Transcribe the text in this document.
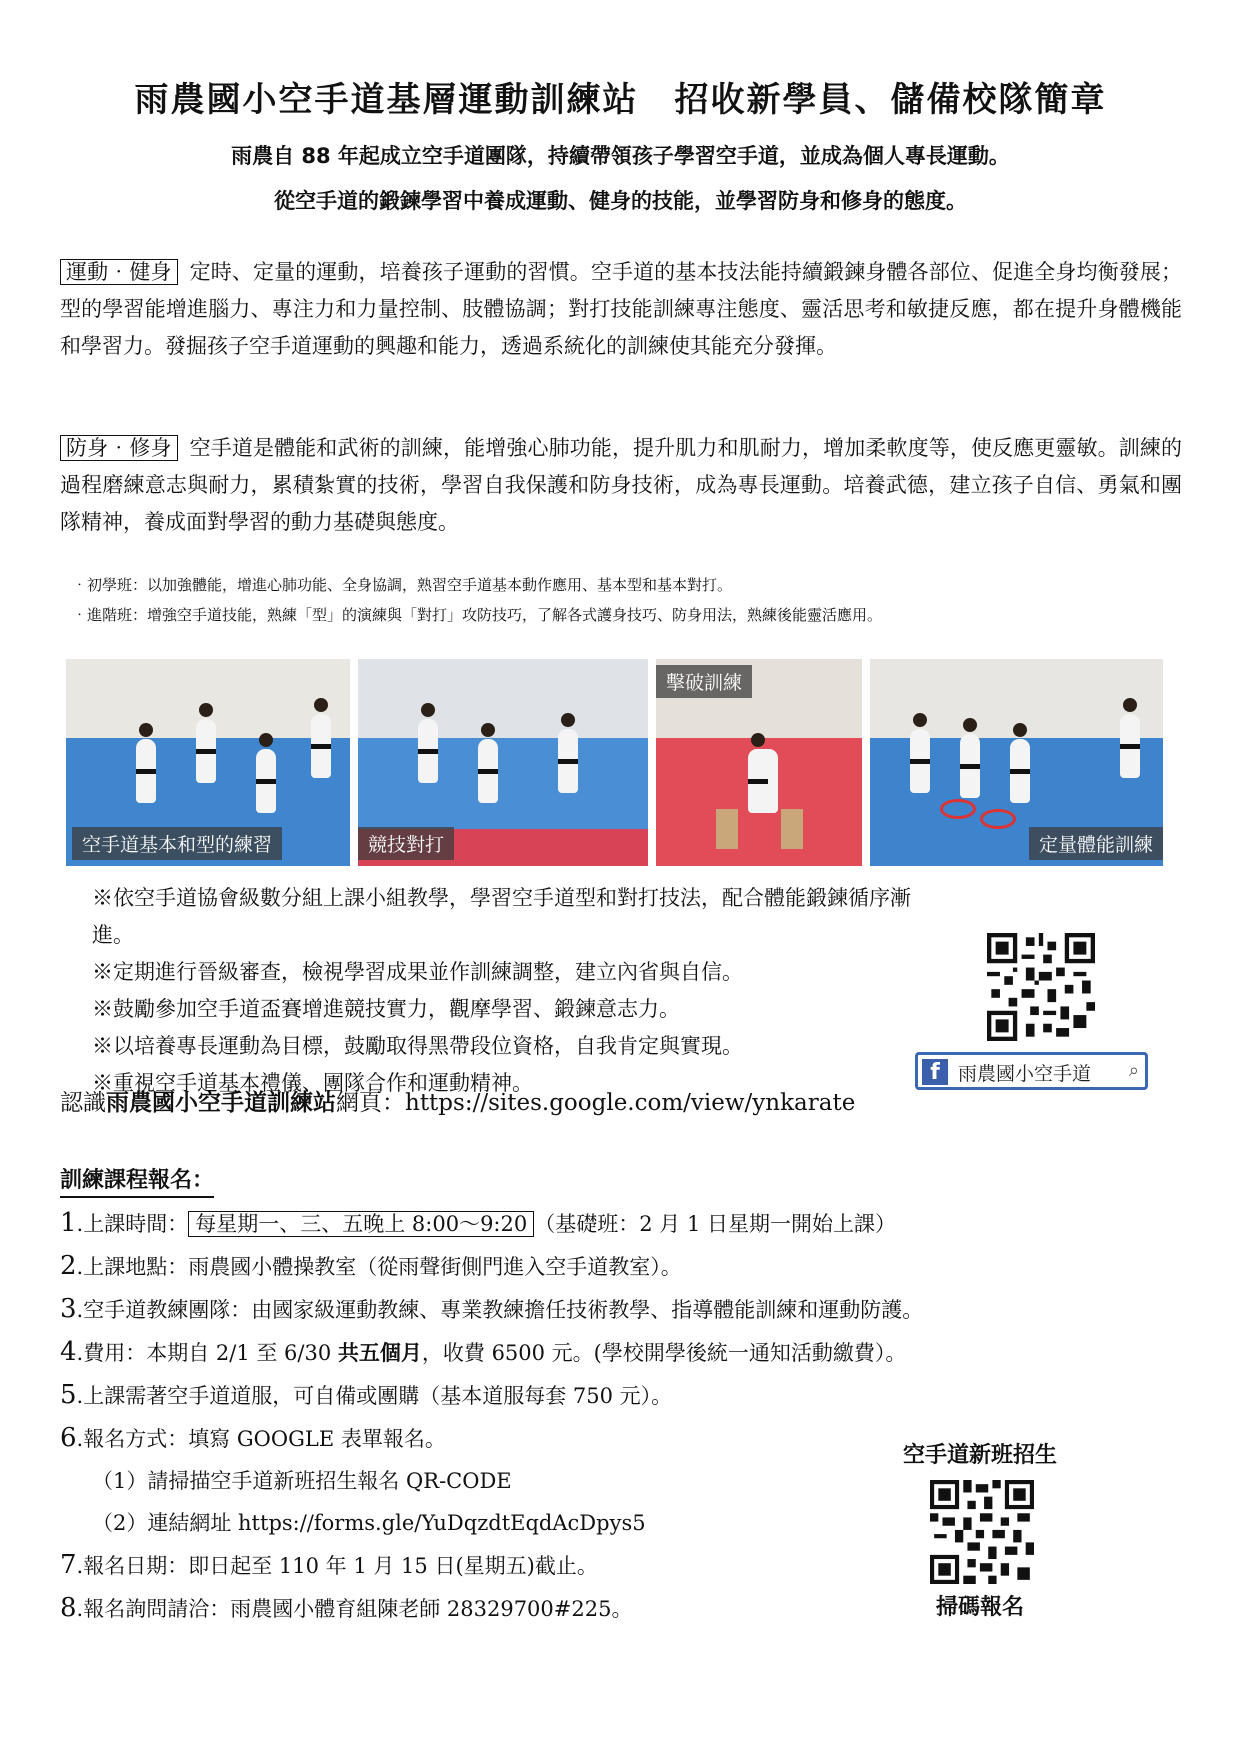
雨農國小空手道基層運動訓練站　招收新學員、儲備校隊簡章
雨農自 88 年起成立空手道團隊，持續帶領孩子學習空手道，並成為個人專長運動。
從空手道的鍛鍊學習中養成運動、健身的技能，並學習防身和修身的態度。
運動‧健身 定時、定量的運動，培養孩子運動的習慣。空手道的基本技法能持續鍛鍊身體各部位、促進全身均衡發展；型的學習能增進腦力、專注力和力量控制、肢體協調；對打技能訓練專注態度、靈活思考和敏捷反應，都在提升身體機能和學習力。發掘孩子空手道運動的興趣和能力，透過系統化的訓練使其能充分發揮。
防身‧修身 空手道是體能和武術的訓練，能增強心肺功能，提升肌力和肌耐力，增加柔軟度等，使反應更靈敏。訓練的過程磨練意志與耐力，累積紮實的技術，學習自我保護和防身技術，成為專長運動。培養武德，建立孩子自信、勇氣和團隊精神，養成面對學習的動力基礎與態度。
‧初學班：以加強體能，增進心肺功能、全身協調，熟習空手道基本動作應用、基本型和基本對打。
‧進階班：增強空手道技能，熟練「型」的演練與「對打」攻防技巧，了解各式護身技巧、防身用法，熟練後能靈活應用。
空手道基本和型的練習	競技對打
擊破訓練
定量體能訓練
※依空手道協會級數分組上課小組教學，學習空手道型和對打技法，配合體能鍛鍊循序漸進。
※定期進行晉級審查，檢視學習成果並作訓練調整，建立內省與自信。
※鼓勵參加空手道盃賽增進競技實力，觀摩學習、鍛鍊意志力。
※以培養專長運動為目標，鼓勵取得黑帶段位資格，自我肯定與實現。
※重視空手道基本禮儀、團隊合作和運動精神。	f 雨農國小空手道 ⌕
認識雨農國小空手道訓練站網頁：https://sites.google.com/view/ynkarate
訓練課程報名：
1.上課時間： 每星期一、三、五晚上 8:00～9:20 （基礎班：2 月 1 日星期一開始上課）
2.上課地點：雨農國小體操教室（從雨聲街側門進入空手道教室）。
3.空手道教練團隊：由國家級運動教練、專業教練擔任技術教學、指導體能訓練和運動防護。
4.費用：本期自 2/1 至 6/30 共五個月，收費 6500 元。(學校開學後統一通知活動繳費）。
5.上課需著空手道道服，可自備或團購（基本道服每套 750 元）。
6.報名方式：填寫 GOOGLE 表單報名。
（1）請掃描空手道新班招生報名 QR-CODE
（2）連結網址 https://forms.gle/YuDqzdtEqdAcDpys5
7.報名日期：即日起至 110 年 1 月 15 日(星期五)截止。
8.報名詢問請洽：雨農國小體育組陳老師 28329700#225。
空手道新班招生
掃碼報名
